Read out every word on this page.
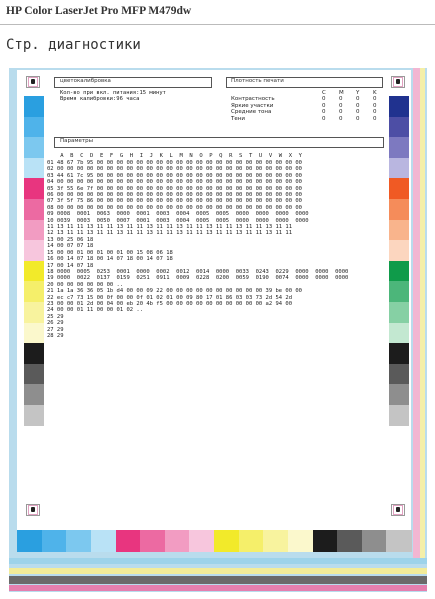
HP Color LaserJet Pro MFP M479dw
Стр. диагностики
цветокалибровка
Кол-во при вкл. питания:15 минут
Время калибровки:96 часа
Плотность печати
C M Y K
Контрастность	0 0 0 0
Яркие участки	0 0 0 0
Средние тона	0 0 0 0
Тени	0 0 0 0
Параметры
A  B  C  D  E  F  G  H  I  J  K  L  M  N  O  P  Q  R  S  T  U  V  W  X  Y
01 48 67 7b 95 00 00 00 00 00 00 00 00 00 00 00 00 00 00 00 00 00 00 00 00 00
02 00 00 00 00 00 00 00 00 00 00 00 00 00 00 00 00 00 00 00 00 00 00 00 00 00
03 44 61 7c 95 00 00 00 00 00 00 00 00 00 00 00 00 00 00 00 00 00 00 00 00 00
04 00 00 00 00 00 00 00 00 00 00 00 00 00 00 00 00 00 00 00 00 00 00 00 00 00
05 3f 55 6e 7f 00 00 00 00 00 00 00 00 00 00 00 00 00 00 00 00 00 00 00 00 00
06 00 00 00 00 00 00 00 00 00 00 00 00 00 00 00 00 00 00 00 00 00 00 00 00 00
07 3f 5f 75 86 00 00 00 00 00 00 00 00 00 00 00 00 00 00 00 00 00 00 00 00 00
08 00 00 00 00 00 00 00 00 00 00 00 00 00 00 00 00 00 00 00 00 00 00 00 00 00
09 0008  0001  0063  0000  0001  0003  0004  0005  0005  0000  0000  0000  0000
10 0039  0003  0050  0007  0001  0003  0004  0005  0005  0000  0000  0000  0000
11 13 11 11 13 11 11 13 11 11 13 11 11 13 11 11 13 11 11 13 11 11 13 11 11
12 13 11 11 13 11 11 13 11 11 13 11 11 13 11 11 13 11 11 13 11 11 13 11 11
13 00 25 06 18
14 00 07 07 18
15 00 00 01 00 01 00 01 00 15 08 06 18
16 00 14 07 18 00 14 07 18 00 14 07 18
17 00 14 07 18
18 0000  0005  0253  0001  0000  0002  0012  0014  0000  0033  0243  0229  0000  0000  0000
19 0000  0022  0137  0159  0251  0911  0009  0228  0200  0059  0190  0074  0000  0000  0000
20 00 00 00 00 00 00 ..
21 1a 1a 36 36 05 1b d4 00 00 09 22 00 00 00 00 00 00 00 00 00 00 39 be 00 00
22 ec c7 73 15 00 0f 00 00 0f 01 02 01 00 09 80 17 01 86 03 03 73 2d 54 2d
23 00 00 01 2d 00 04 00 eb 20 4b f5 00 00 00 00 00 00 00 00 00 00 a2 94 00
24 00 00 01 11 00 00 01 02 ..
25 29
26 29
27 29
28 29
